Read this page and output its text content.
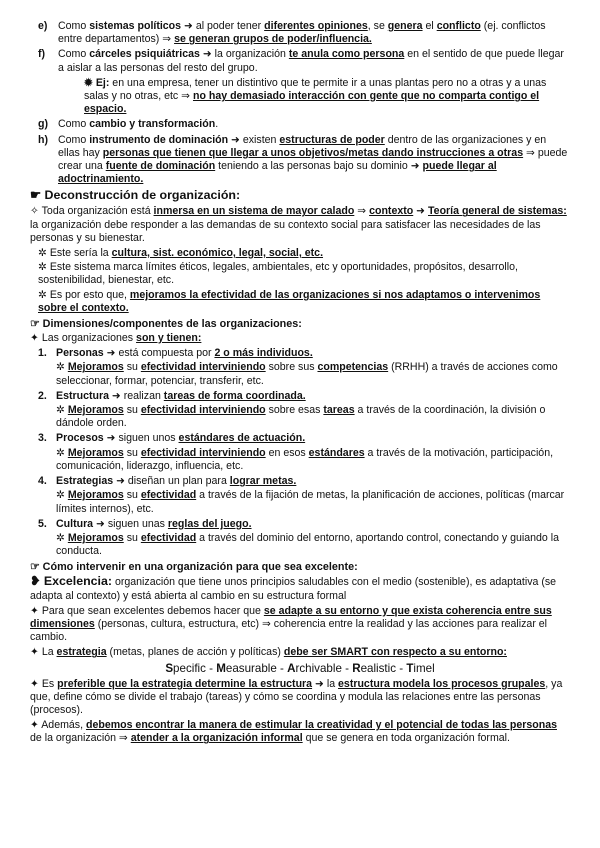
e) Como sistemas políticos ➜ al poder tener diferentes opiniones, se genera el conflicto (ej. conflictos entre departamentos) ⇒ se generan grupos de poder/influencia.

f) Como cárceles psiquiátricas ➜ la organización te anula como persona en el sentido de que puede llegar a aislar a las personas del resto del grupo.

✹ Ej: en una empresa, tener un distintivo que te permite ir a unas plantas pero no a otras y a unas salas y no otras, etc ⇒ no hay demasiado interacción con gente que no comparta contigo el espacio.

g) Como cambio y transformación.

h) Como instrumento de dominación ➜ existen estructuras de poder dentro de las organizaciones y en ellas hay personas que tienen que llegar a unos objetivos/metas dando instrucciones a otras ⇒ puede crear una fuente de dominación teniendo a las personas bajo su dominio ➜ puede llegar al adoctrinamiento.

☛ Deconstrucción de organización:

✧ Toda organización está inmersa en un sistema de mayor calado ⇒ contexto ➜ Teoría general de sistemas: la organización debe responder a las demandas de su contexto social para satisfacer las necesidades de las personas y su bienestar.

✲ Este sería la cultura, sist. económico, legal, social, etc.

✲ Este sistema marca límites éticos, legales, ambientales, etc y oportunidades, propósitos, desarrollo, sostenibilidad, bienestar, etc.

✲ Es por esto que, mejoramos la efectividad de las organizaciones si nos adaptamos o intervenimos sobre el contexto.

☞ Dimensiones/componentes de las organizaciones:

✦ Las organizaciones son y tienen:

1. Personas ➜ está compuesta por 2 o más individuos.

✲ Mejoramos su efectividad interviniendo sobre sus competencias (RRHH) a través de acciones como seleccionar, formar, potenciar, transferir, etc.

2. Estructura ➜ realizan tareas de forma coordinada.

✲ Mejoramos su efectividad interviniendo sobre esas tareas a través de la coordinación, la división o dándole orden.

3. Procesos ➜ siguen unos estándares de actuación.

✲ Mejoramos su efectividad interviniendo en esos estándares a través de la motivación, participación, comunicación, liderazgo, influencia, etc.

4. Estrategias ➜ diseñan un plan para lograr metas.

✲ Mejoramos su efectividad a través de la fijación de metas, la planificación de acciones, políticas (marcar límites internos), etc.

5. Cultura ➜ siguen unas reglas del juego.

✲ Mejoramos su efectividad a través del dominio del entorno, aportando control, conectando y guiando la conducta.

☞ Cómo intervenir en una organización para que sea excelente:

❥ Excelencia: organización que tiene unos principios saludables con el medio (sostenible), es adaptativa (se adapta al contexto) y está abierta al cambio en su estructura formal

✦ Para que sean excelentes debemos hacer que se adapte a su entorno y que exista coherencia entre sus dimensiones (personas, cultura, estructura, etc) ⇒ coherencia entre la realidad y las acciones para realizar el cambio.

✦ La estrategia (metas, planes de acción y políticas) debe ser SMART con respecto a su entorno:

Specific - Measurable - Archivable - Realistic - Timel

✦ Es preferible que la estrategia determine la estructura ➜ la estructura modela los procesos grupales, ya que, define cómo se divide el trabajo (tareas) y cómo se coordina y modula las relaciones entre las personas (procesos).

✦ Además, debemos encontrar la manera de estimular la creatividad y el potencial de todas las personas de la organización ⇒ atender a la organización informal que se genera en toda organización formal.
